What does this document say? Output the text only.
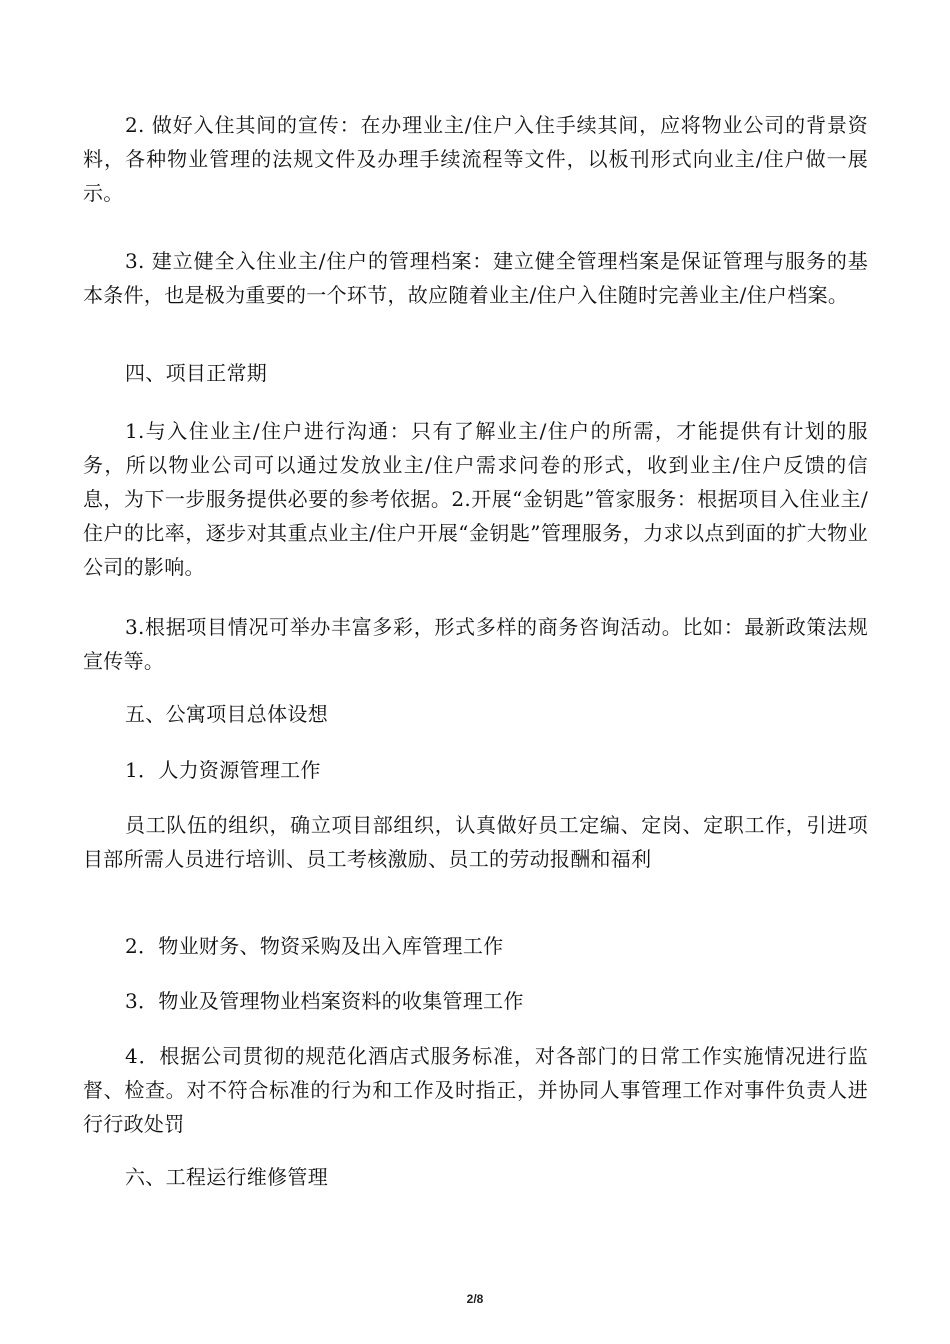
2. 做好入住其间的宣传：在办理业主/住户入住手续其间，应将物业公司的背景资料，各种物业管理的法规文件及办理手续流程等文件，以板刊形式向业主/住户做一展示。

3. 建立健全入住业主/住户的管理档案：建立健全管理档案是保证管理与服务的基本条件，也是极为重要的一个环节，故应随着业主/住户入住随时完善业主/住户档案。

四、项目正常期

1.与入住业主/住户进行沟通：只有了解业主/住户的所需，才能提供有计划的服务，所以物业公司可以通过发放业主/住户需求问卷的形式，收到业主/住户反馈的信息，为下一步服务提供必要的参考依据。2.开展“金钥匙”管家服务：根据项目入住业主/住户的比率，逐步对其重点业主/住户开展“金钥匙”管理服务，力求以点到面的扩大物业公司的影响。

3.根据项目情况可举办丰富多彩，形式多样的商务咨询活动。比如：最新政策法规宣传等。

五、公寓项目总体设想

1．人力资源管理工作

员工队伍的组织，确立项目部组织，认真做好员工定编、定岗、定职工作，引进项目部所需人员进行培训、员工考核激励、员工的劳动报酬和福利

2．物业财务、物资采购及出入库管理工作

3．物业及管理物业档案资料的收集管理工作

4．根据公司贯彻的规范化酒店式服务标准，对各部门的日常工作实施情况进行监督、检查。对不符合标准的行为和工作及时指正，并协同人事管理工作对事件负责人进行行政处罚

六、工程运行维修管理

2/8
